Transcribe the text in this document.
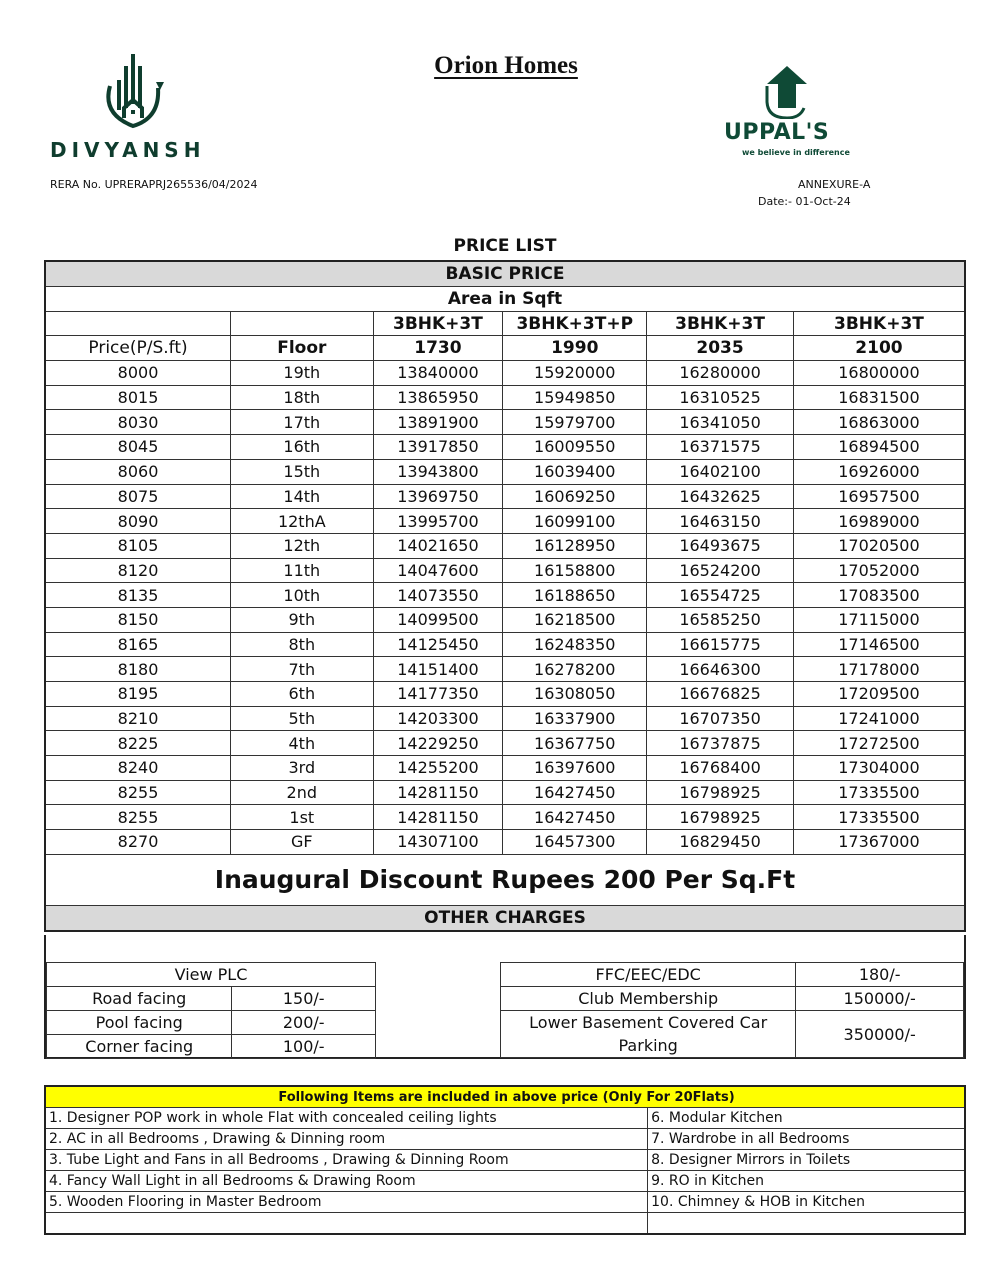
Orion Homes
DIVYANSH
UPPAL'S
we believe in difference
RERA No. UPRERAPRJ265536/04/2024	ANNEXURE-A
Date:- 01-Oct-24
PRICE LIST
BASIC PRICE					
Area in Sqft					
		3BHK+3T	3BHK+3T+P	3BHK+3T	3BHK+3T
Price(P/S.ft)	Floor	1730	1990	2035	2100
8000	19th	13840000	15920000	16280000	16800000
8015	18th	13865950	15949850	16310525	16831500
8030	17th	13891900	15979700	16341050	16863000
8045	16th	13917850	16009550	16371575	16894500
8060	15th	13943800	16039400	16402100	16926000
8075	14th	13969750	16069250	16432625	16957500
8090	12thA	13995700	16099100	16463150	16989000
8105	12th	14021650	16128950	16493675	17020500
8120	11th	14047600	16158800	16524200	17052000
8135	10th	14073550	16188650	16554725	17083500
8150	9th	14099500	16218500	16585250	17115000
8165	8th	14125450	16248350	16615775	17146500
8180	7th	14151400	16278200	16646300	17178000
8195	6th	14177350	16308050	16676825	17209500
8210	5th	14203300	16337900	16707350	17241000
8225	4th	14229250	16367750	16737875	17272500
8240	3rd	14255200	16397600	16768400	17304000
8255	2nd	14281150	16427450	16798925	17335500
8255	1st	14281150	16427450	16798925	17335500
8270	GF	14307100	16457300	16829450	17367000
Inaugural Discount Rupees 200 Per Sq.Ft					
OTHER CHARGES					
View PLC	
Road facing	150/-
Pool facing	200/-
Corner facing	100/-
FFC/EEC/EDC	180/-
Club Membership	150000/-
Lower Basement Covered Car Parking	350000/-
Following Items are included in above price (Only For 20Flats)	
1. Designer POP work in whole Flat with concealed ceiling lights	6. Modular Kitchen
2. AC in all Bedrooms , Drawing & Dinning room	7. Wardrobe in all Bedrooms
3. Tube Light and Fans in all Bedrooms , Drawing & Dinning Room	8. Designer Mirrors in Toilets
4. Fancy Wall Light in all Bedrooms & Drawing Room	9. RO in Kitchen
5. Wooden Flooring in Master Bedroom	10. Chimney & HOB in Kitchen
